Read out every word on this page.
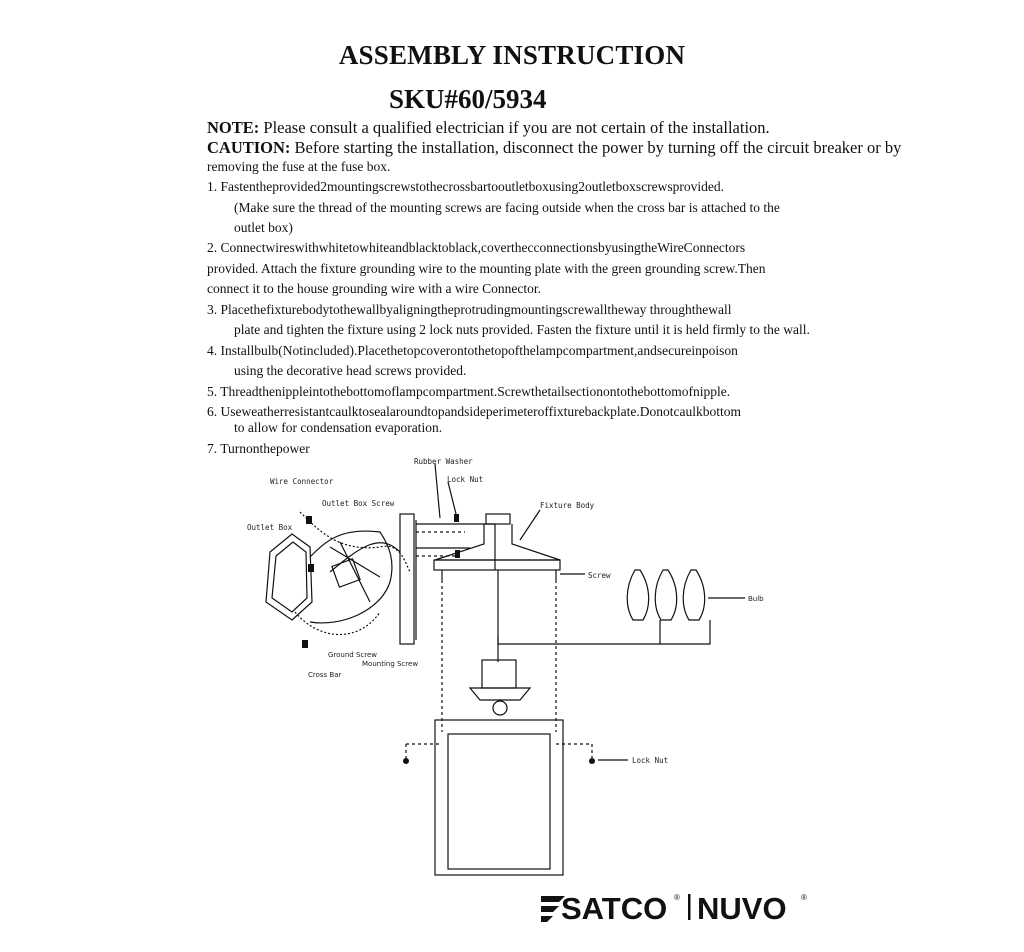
ASSEMBLY INSTRUCTION
SKU#60/5934
NOTE: Please consult a qualified electrician if you are not certain of the installation.
CAUTION: Before starting the installation, disconnect the power by turning off the circuit breaker or by
removing the fuse at the fuse box.
1. Fastentheprovided2mountingscrewstothecrossbartooutletboxusing2outletboxscrewsprovided.
(Make sure the thread of the mounting screws are facing outside when the cross bar is attached to the
outlet box)
2. Connectwireswithwhitetowhiteandblacktoblack,coverthecconnectionsbyusingtheWireConnectors
provided. Attach the fixture grounding wire to the mounting plate with the green grounding screw.Then
connect it to the house grounding wire with a wire Connector.
3. Placethefixturebodytothewallbyaligningtheprotrudingmountingscrewalltheway throughthewall
plate and tighten the fixture using 2 lock nuts provided. Fasten the fixture until it is held firmly to the wall.
4. Installbulb(Notincluded).Placethetopcoverontothetopofthelampcompartment,andsecureinpoison
using the decorative head screws provided.
5. Threadthenippleintothebottomoflampcompartment.Screwthetailsectionontothebottomofnipple.
6. Useweatherresistantcaulktosealaroundtopandsideperimeteroffixturebackplate.Donotcaulkbottom
to allow for condensation evaporation.
7. Turnonthepower
Wire Connector
Outlet Box Screw
Outlet Box
Rubber Washer
Lock Nut
Fixture Body
Screw
Bulb
Ground Screw
Mounting Screw
Cross Bar
Lock Nut
SATCO ® NUVO ®
